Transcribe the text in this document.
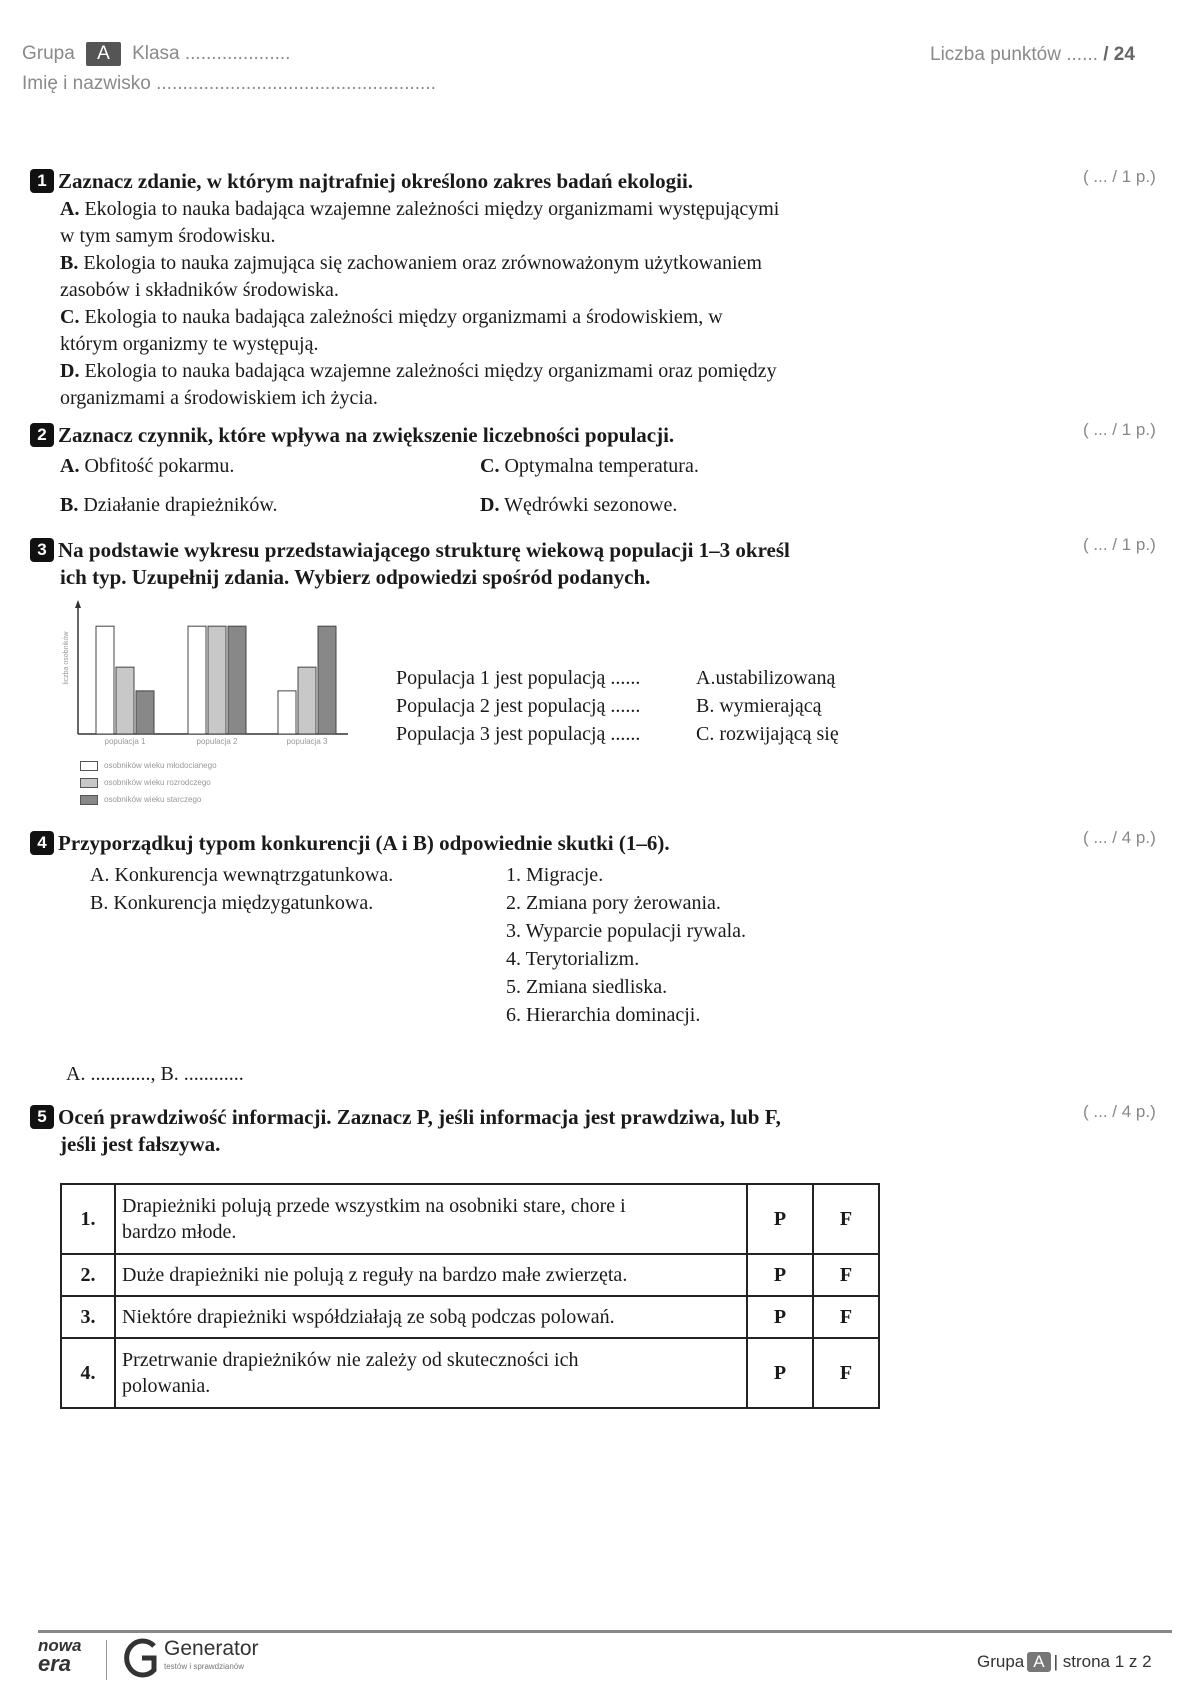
Grupa A Klasa ....................
Imię i nazwisko .....................................................
Liczba punktów ...... / 24
1 Zaznacz zdanie, w którym najtrafniej określono zakres badań ekologii.	( ... / 1 p.)
A. Ekologia to nauka badająca wzajemne zależności między organizmami występującymi
w tym samym środowisku.
B. Ekologia to nauka zajmująca się zachowaniem oraz zrównoważonym użytkowaniem
zasobów i składników środowiska.
C. Ekologia to nauka badająca zależności między organizmami a środowiskiem, w
którym organizmy te występują.
D. Ekologia to nauka badająca wzajemne zależności między organizmami oraz pomiędzy
organizmami a środowiskiem ich życia.
2 Zaznacz czynnik, które wpływa na zwiększenie liczebności populacji.	( ... / 1 p.)
A. Obfitość pokarmu.
B. Działanie drapieżników.
C. Optymalna temperatura.
D. Wędrówki sezonowe.
3 Na podstawie wykresu przedstawiającego strukturę wiekową populacji 1–3 określ
ich typ. Uzupełnij zdania. Wybierz odpowiedzi spośród podanych.
( ... / 1 p.)
liczba osobników
populacja 1	populacja 2	populacja 3
osobników wieku młodocianego
osobników wieku rozrodczego
osobników wieku starczego
Populacja 1 jest populacją ......
Populacja 2 jest populacją ......
Populacja 3 jest populacją ......
A.ustabilizowaną
B. wymierającą
C. rozwijającą się
4 Przyporządkuj typom konkurencji (A i B) odpowiednie skutki (1–6).	( ... / 4 p.)
A. Konkurencja wewnątrzgatunkowa.
B. Konkurencja międzygatunkowa.
1. Migracje.
2. Zmiana pory żerowania.
3. Wyparcie populacji rywala.
4. Terytorializm.
5. Zmiana siedliska.
6. Hierarchia dominacji.
A. ............, B. ............
5 Oceń prawdziwość informacji. Zaznacz P, jeśli informacja jest prawdziwa, lub F,
jeśli jest fałszywa.
( ... / 4 p.)
1.	Drapieżniki polują przede wszystkim na osobniki stare, chore i
bardzo młode.	P	F
2.	Duże drapieżniki nie polują z reguły na bardzo małe zwierzęta.	P	F
3.	Niektóre drapieżniki współdziałają ze sobą podczas polowań.	P	F
4.	Przetrwanie drapieżników nie zależy od skuteczności ich
polowania.	P	F
nowa
era
Generator
testów i sprawdzianów	Grupa A | strona 1 z 2
